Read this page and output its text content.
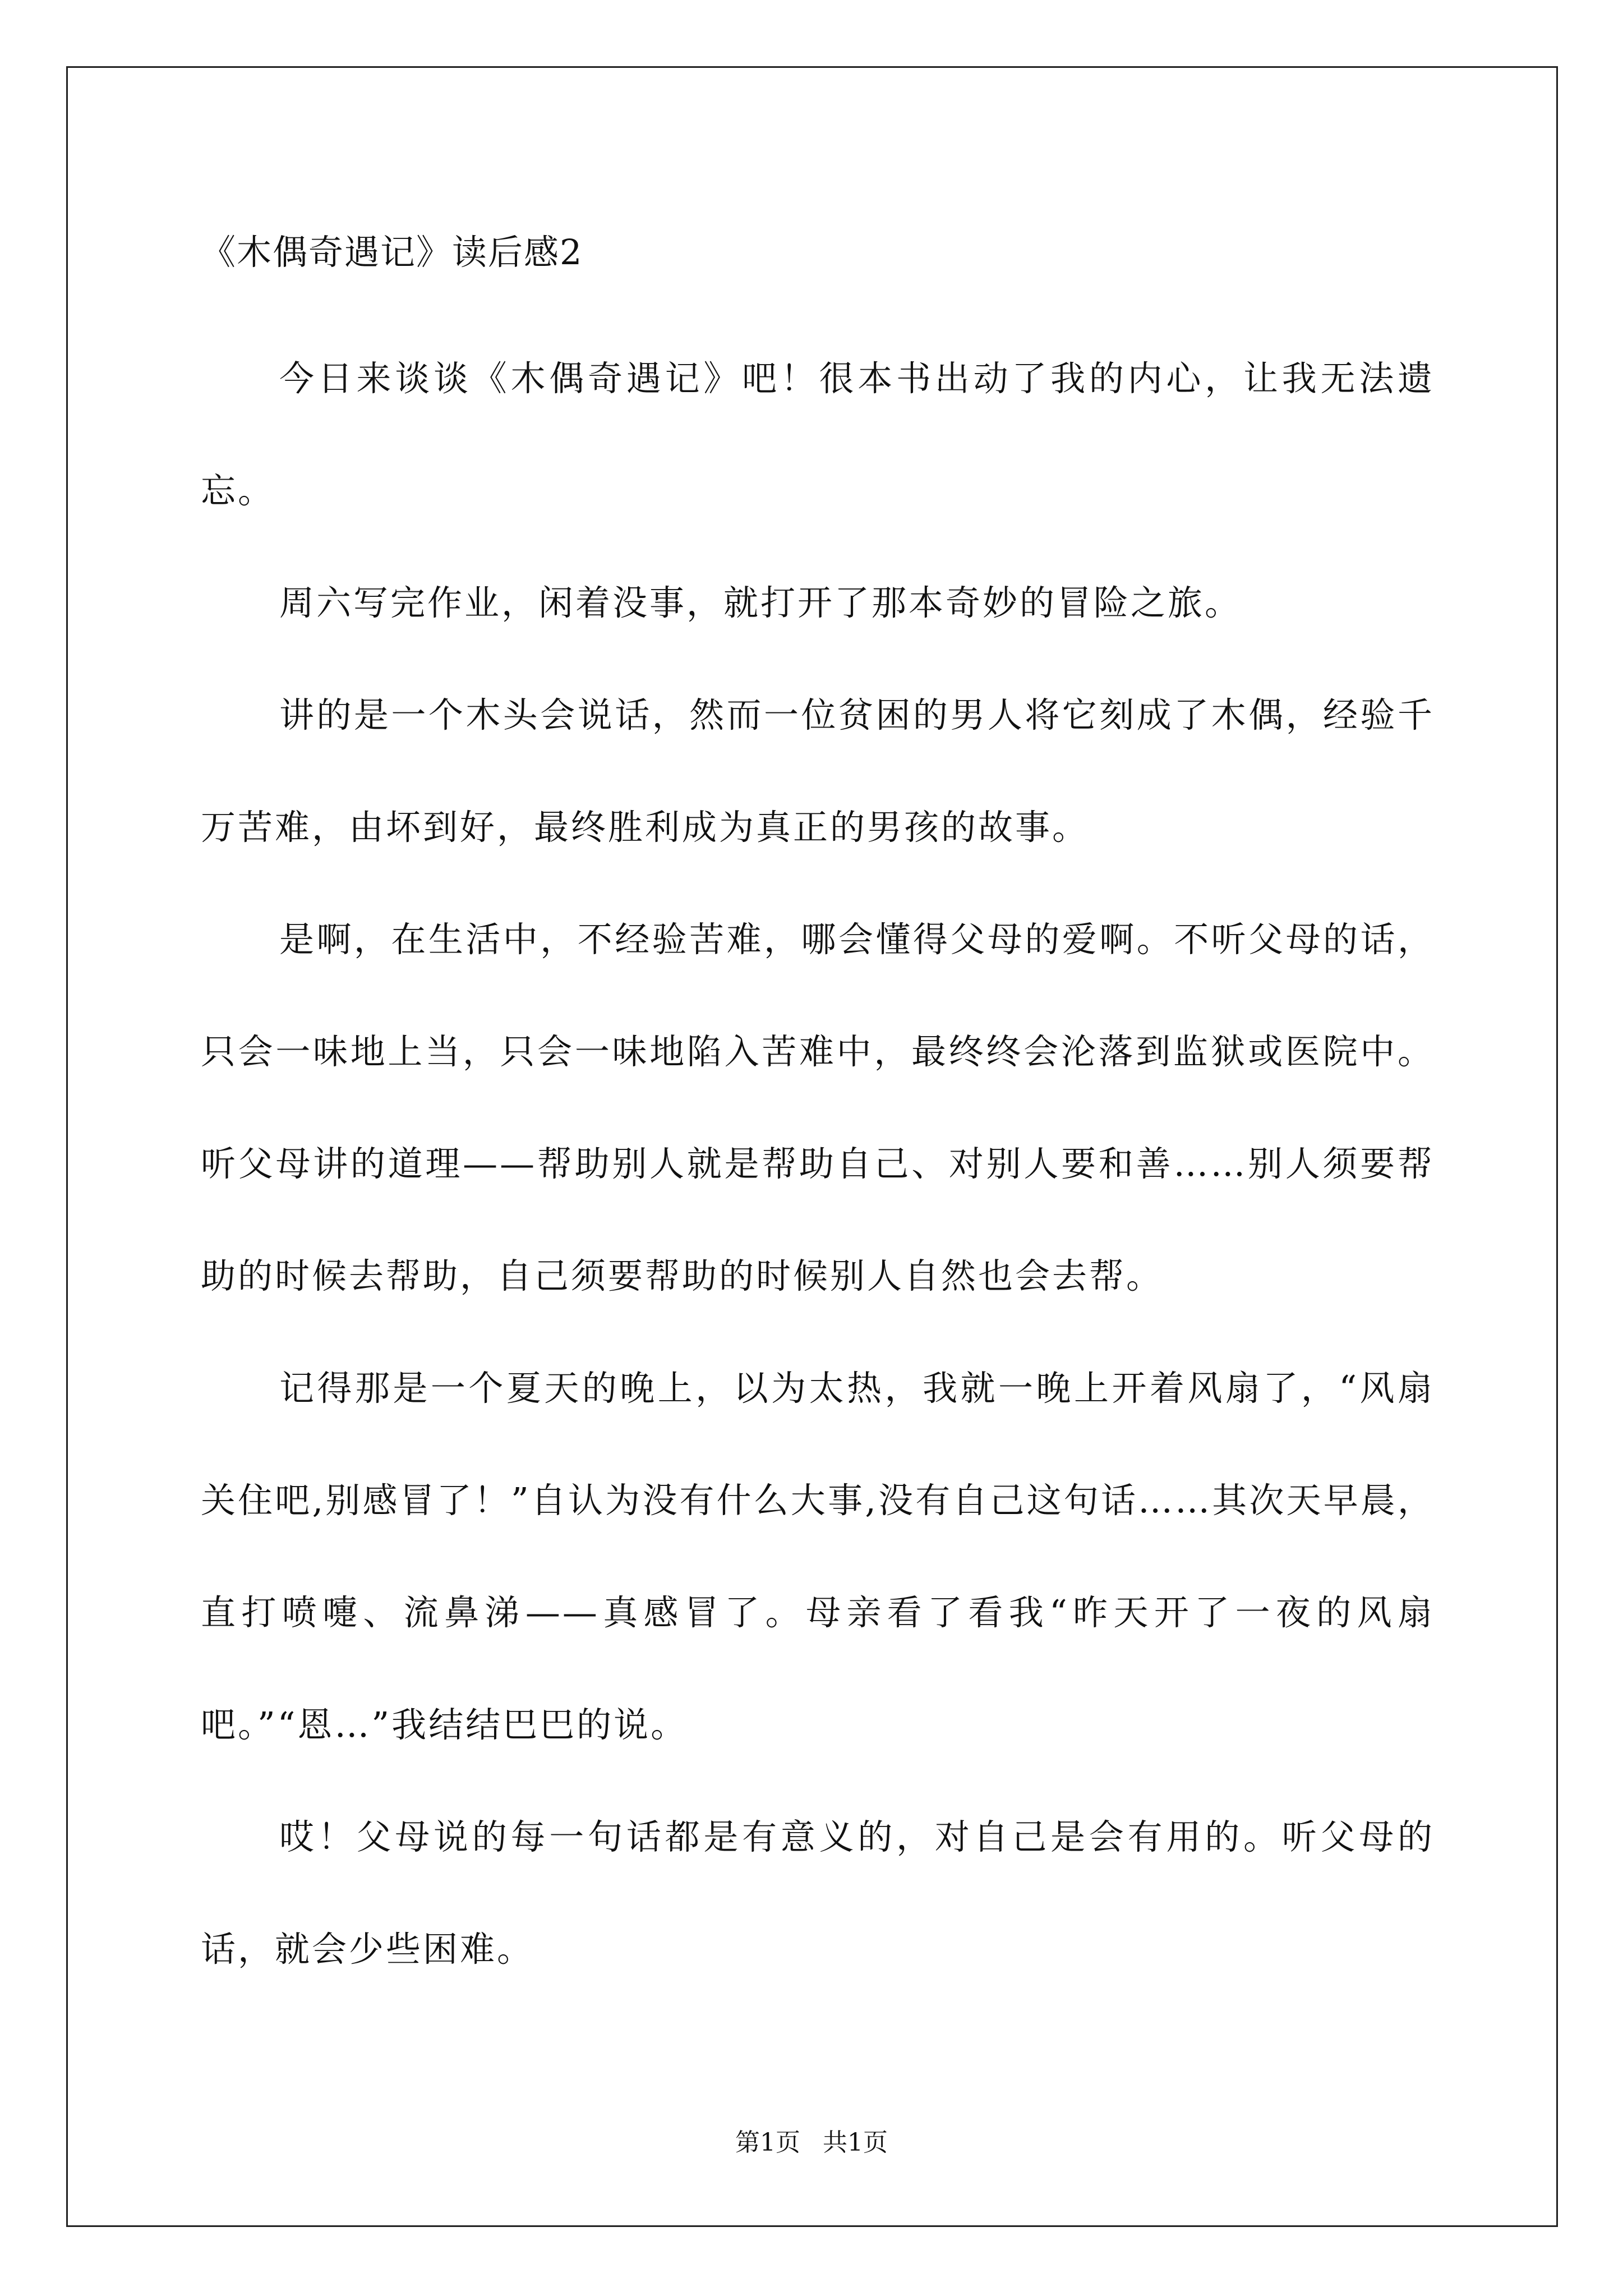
《木偶奇遇记》读后感2

今日来谈谈《木偶奇遇记》吧！很本书出动了我的内心，让我无法遗忘。

周六写完作业，闲着没事，就打开了那本奇妙的冒险之旅。

讲的是一个木头会说话，然而一位贫困的男人将它刻成了木偶，经验千万苦难，由坏到好，最终胜利成为真正的男孩的故事。

是啊，在生活中，不经验苦难，哪会懂得父母的爱啊。不听父母的话，只会一味地上当，只会一味地陷入苦难中，最终终会沦落到监狱或医院中。听父母讲的道理——帮助别人就是帮助自己、对别人要和善……别人须要帮助的时候去帮助，自己须要帮助的时候别人自然也会去帮。

记得那是一个夏天的晚上，以为太热，我就一晚上开着风扇了，“风扇关住吧,别感冒了！”自认为没有什么大事,没有自己这句话……其次天早晨，直打喷嚏、流鼻涕——真感冒了。母亲看了看我“昨天开了一夜的风扇吧。”“恩…”我结结巴巴的说。

哎！父母说的每一句话都是有意义的，对自己是会有用的。听父母的话，就会少些困难。

第1页 共1页
